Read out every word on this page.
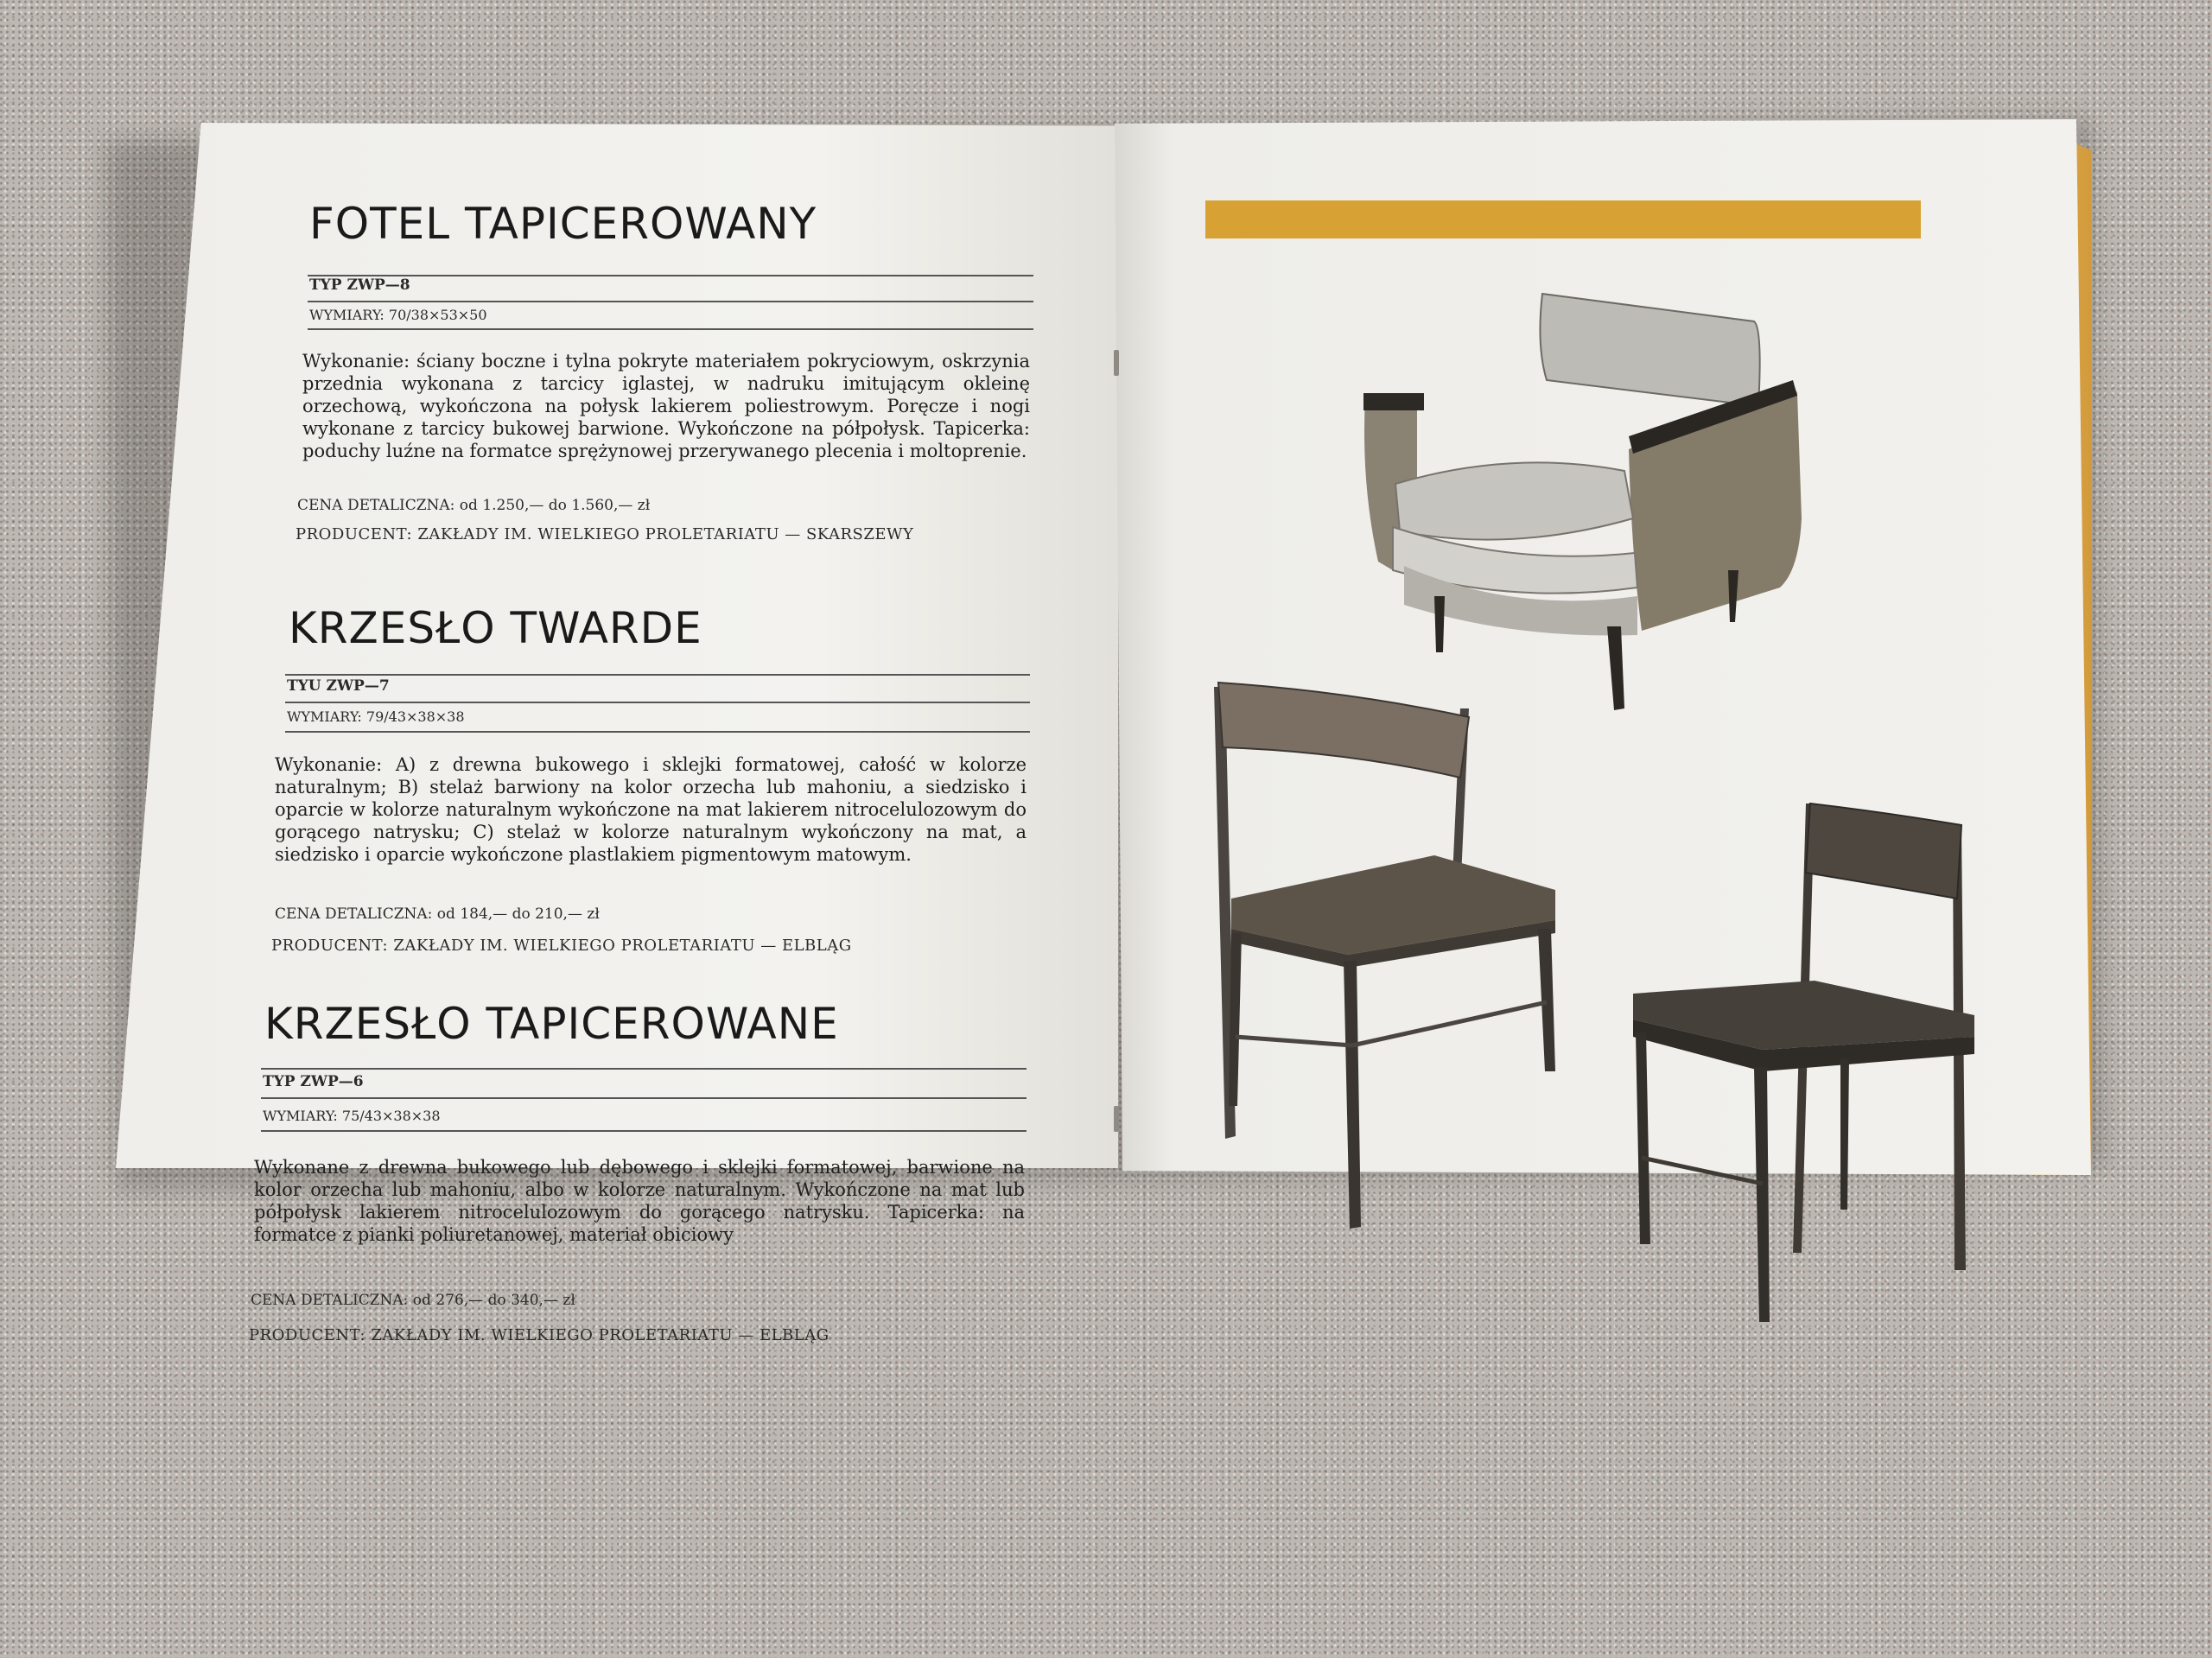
FOTEL TAPICEROWANY
TYP ZWP—8
WYMIARY: 70/38×53×50

Wykonanie: ściany boczne i tylna pokryte materiałem pokryciowym, oskrzynia przednia wykonana z tarcicy iglastej, w nadruku imitującym okleinę orzechową, wykończona na połysk lakierem poliestrowym. Poręcze i nogi wykonane z tarcicy bukowej barwione. Wykończone na półpołysk. Tapicerka: poduchy luźne na formatce sprężynowej przerywanego plecenia i moltoprenie.

CENA DETALICZNA: od 1.250,— do 1.560,— zł

PRODUCENT: ZAKŁADY IM. WIELKIEGO PROLETARIATU — SKARSZEWY

KRZESŁO TWARDE
TYU ZWP—7
WYMIARY: 79/43×38×38

Wykonanie: A) z drewna bukowego i sklejki formatowej, całość w kolorze naturalnym; B) stelaż barwiony na kolor orzecha lub mahoniu, a siedzisko i oparcie w kolorze naturalnym wykończone na mat lakierem nitrocelulozowym do gorącego natrysku; C) stelaż w kolorze naturalnym wykończony na mat, a siedzisko i oparcie wykończone plastlakiem pigmentowym matowym.

CENA DETALICZNA: od 184,— do 210,— zł

PRODUCENT: ZAKŁADY IM. WIELKIEGO PROLETARIATU — ELBLĄG

KRZESŁO TAPICEROWANE
TYP ZWP—6
WYMIARY: 75/43×38×38

Wykonane z drewna bukowego lub dębowego i sklejki formatowej, barwione na kolor orzecha lub mahoniu, albo w kolorze naturalnym. Wykończone na mat lub półpołysk lakierem nitrocelulozowym do gorącego natrysku. Tapicerka: na formatce z pianki poliuretanowej, materiał obiciowy

CENA DETALICZNA: od 276,— do 340,— zł

PRODUCENT: ZAKŁADY IM. WIELKIEGO PROLETARIATU — ELBLĄG
